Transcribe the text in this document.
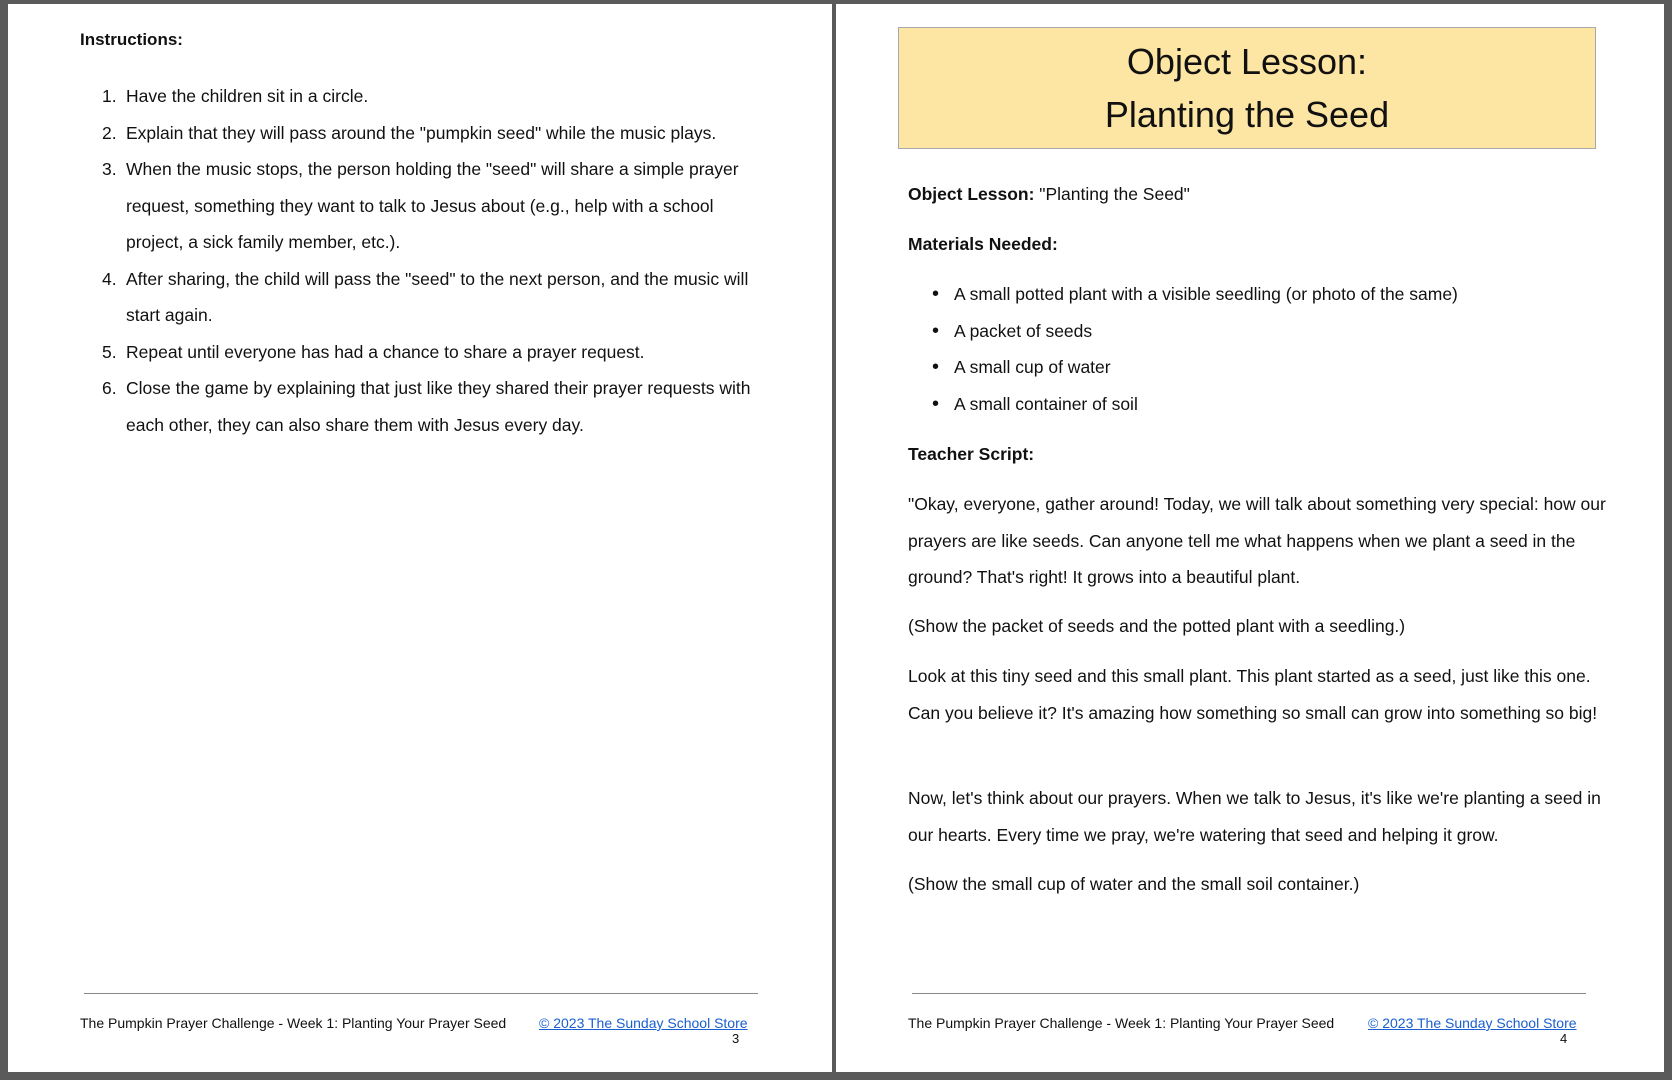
Instructions:
1. Have the children sit in a circle.
2. Explain that they will pass around the "pumpkin seed" while the music plays.
3. When the music stops, the person holding the "seed" will share a simple prayer request, something they want to talk to Jesus about (e.g., help with a school project, a sick family member, etc.).
4. After sharing, the child will pass the "seed" to the next person, and the music will start again.
5. Repeat until everyone has had a chance to share a prayer request.
6. Close the game by explaining that just like they shared their prayer requests with each other, they can also share them with Jesus every day.
The Pumpkin Prayer Challenge - Week 1: Planting Your Prayer Seed © 2023 The Sunday School Store
3
Object Lesson:
Planting the Seed
Object Lesson: "Planting the Seed"
Materials Needed:
• A small potted plant with a visible seedling (or photo of the same)
• A packet of seeds
• A small cup of water
• A small container of soil
Teacher Script:

"Okay, everyone, gather around! Today, we will talk about something very special: how our prayers are like seeds. Can anyone tell me what happens when we plant a seed in the ground? That's right! It grows into a beautiful plant.

(Show the packet of seeds and the potted plant with a seedling.)

Look at this tiny seed and this small plant. This plant started as a seed, just like this one. Can you believe it? It's amazing how something so small can grow into something so big!

Now, let's think about our prayers. When we talk to Jesus, it's like we're planting a seed in our hearts. Every time we pray, we're watering that seed and helping it grow.

(Show the small cup of water and the small soil container.)

The Pumpkin Prayer Challenge - Week 1: Planting Your Prayer Seed © 2023 The Sunday School Store
4
